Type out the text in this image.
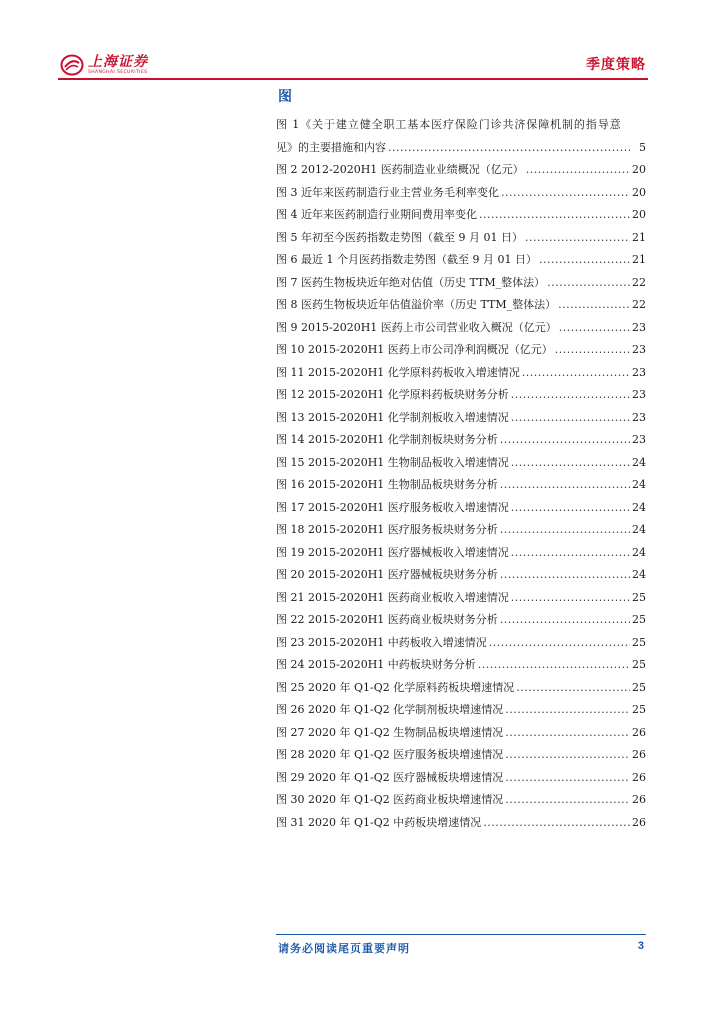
上海证券
SHANGHAI SECURITIES	季度策略
图
图 1《关于建立健全职工基本医疗保险门诊共济保障机制的指导意
见》的主要措施和内容 .....	5
图 2 2012-2020H1 医药制造业业绩概况（亿元） .....	20
图 3 近年来医药制造行业主营业务毛利率变化 .....	20
图 4 近年来医药制造行业期间费用率变化 .....	20
图 5 年初至今医药指数走势图（截至 9 月 01 日） .....	21
图 6 最近 1 个月医药指数走势图（截至 9 月 01 日） .....	21
图 7 医药生物板块近年绝对估值（历史 TTM_整体法） .....	22
图 8 医药生物板块近年估值溢价率（历史 TTM_整体法） .....	22
图 9 2015-2020H1 医药上市公司营业收入概况（亿元） .....	23
图 10 2015-2020H1 医药上市公司净利润概况（亿元） .....	23
图 11 2015-2020H1 化学原料药板收入增速情况 .....	23
图 12 2015-2020H1 化学原料药板块财务分析 .....	23
图 13 2015-2020H1 化学制剂板收入增速情况 .....	23
图 14 2015-2020H1 化学制剂板块财务分析 .....	23
图 15 2015-2020H1 生物制品板收入增速情况 .....	24
图 16 2015-2020H1 生物制品板块财务分析 .....	24
图 17 2015-2020H1 医疗服务板收入增速情况 .....	24
图 18 2015-2020H1 医疗服务板块财务分析 .....	24
图 19 2015-2020H1 医疗器械板收入增速情况 .....	24
图 20 2015-2020H1 医疗器械板块财务分析 .....	24
图 21 2015-2020H1 医药商业板收入增速情况 .....	25
图 22 2015-2020H1 医药商业板块财务分析 .....	25
图 23 2015-2020H1 中药板收入增速情况 .....	25
图 24 2015-2020H1 中药板块财务分析 .....	25
图 25 2020 年 Q1-Q2 化学原料药板块增速情况 .....	25
图 26 2020 年 Q1-Q2 化学制剂板块增速情况 .....	25
图 27 2020 年 Q1-Q2 生物制品板块增速情况 .....	26
图 28 2020 年 Q1-Q2 医疗服务板块增速情况 .....	26
图 29 2020 年 Q1-Q2 医疗器械板块增速情况 .....	26
图 30 2020 年 Q1-Q2 医药商业板块增速情况 .....	26
图 31 2020 年 Q1-Q2 中药板块增速情况 .....	26
请务必阅读尾页重要声明	3
